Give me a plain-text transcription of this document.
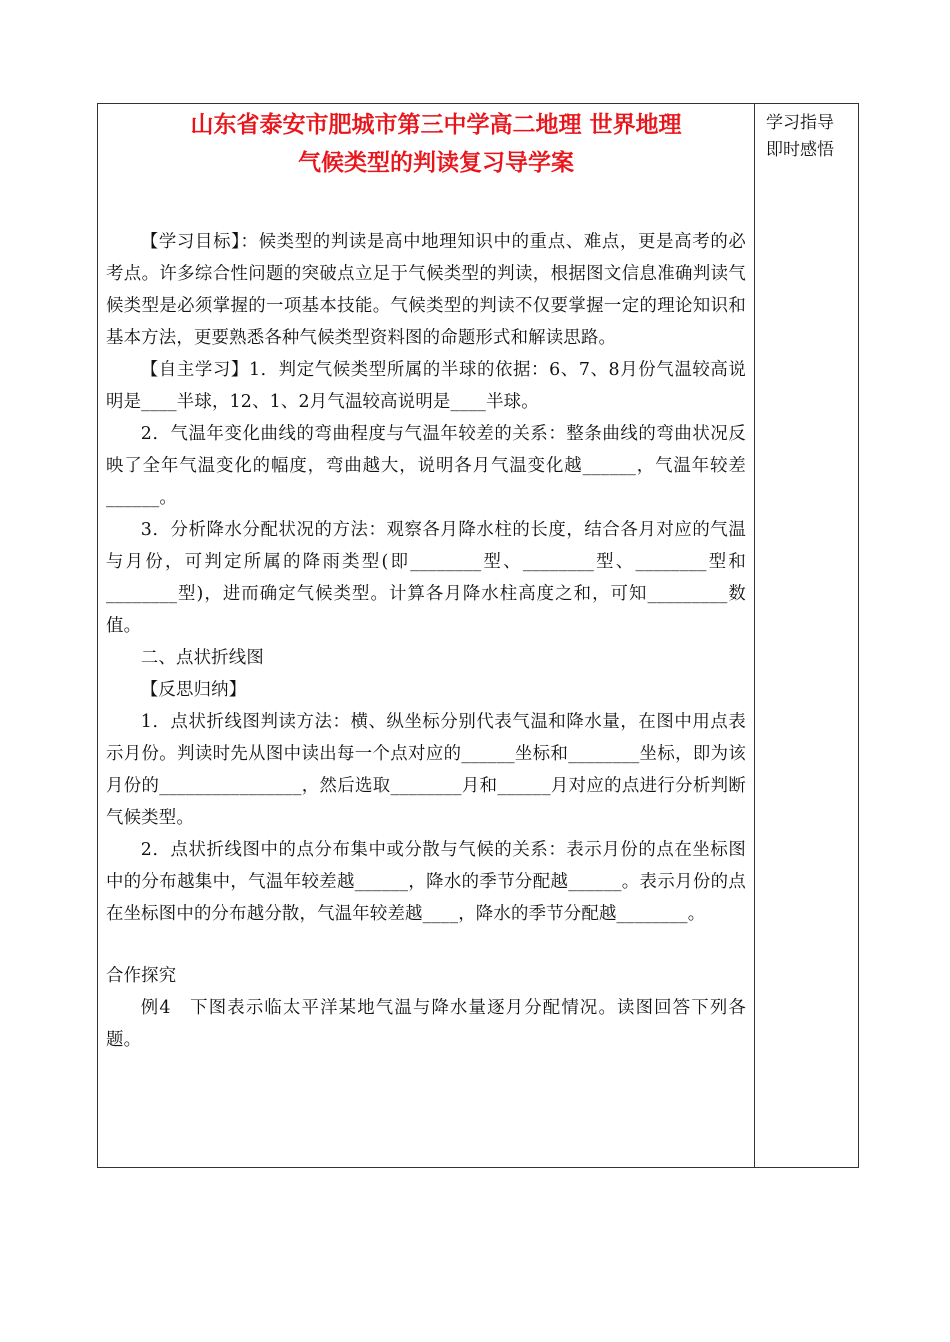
学习指导
即时感悟
山东省泰安市肥城市第三中学高二地理 世界地理
气候类型的判读复习导学案

【学习目标】：候类型的判读是高中地理知识中的重点、难点，更是高考的必考点。许多综合性问题的突破点立足于气候类型的判读，根据图文信息准确判读气候类型是必须掌握的一项基本技能。气候类型的判读不仅要掌握一定的理论知识和基本方法，更要熟悉各种气候类型资料图的命题形式和解读思路。

【自主学习】1．判定气候类型所属的半球的依据：6、7、8月份气温较高说明是____半球，12、1、2月气温较高说明是____半球。

2．气温年变化曲线的弯曲程度与气温年较差的关系：整条曲线的弯曲状况反映了全年气温变化的幅度，弯曲越大，说明各月气温变化越______，气温年较差______。

3．分析降水分配状况的方法：观察各月降水柱的长度，结合各月对应的气温与月份，可判定所属的降雨类型(即________型、________型、________型和________型)，进而确定气候类型。计算各月降水柱高度之和，可知_________数值。

二、点状折线图

【反思归纳】

1．点状折线图判读方法：横、纵坐标分别代表气温和降水量，在图中用点表示月份。判读时先从图中读出每一个点对应的______坐标和________坐标，即为该月份的________________，然后选取________月和______月对应的点进行分析判断气候类型。

2．点状折线图中的点分布集中或分散与气候的关系：表示月份的点在坐标图中的分布越集中，气温年较差越______，降水的季节分配越______。表示月份的点在坐标图中的分布越分散，气温年较差越____，降水的季节分配越________。

合作探究

例4　下图表示临太平洋某地气温与降水量逐月分配情况。读图回答下列各题。
